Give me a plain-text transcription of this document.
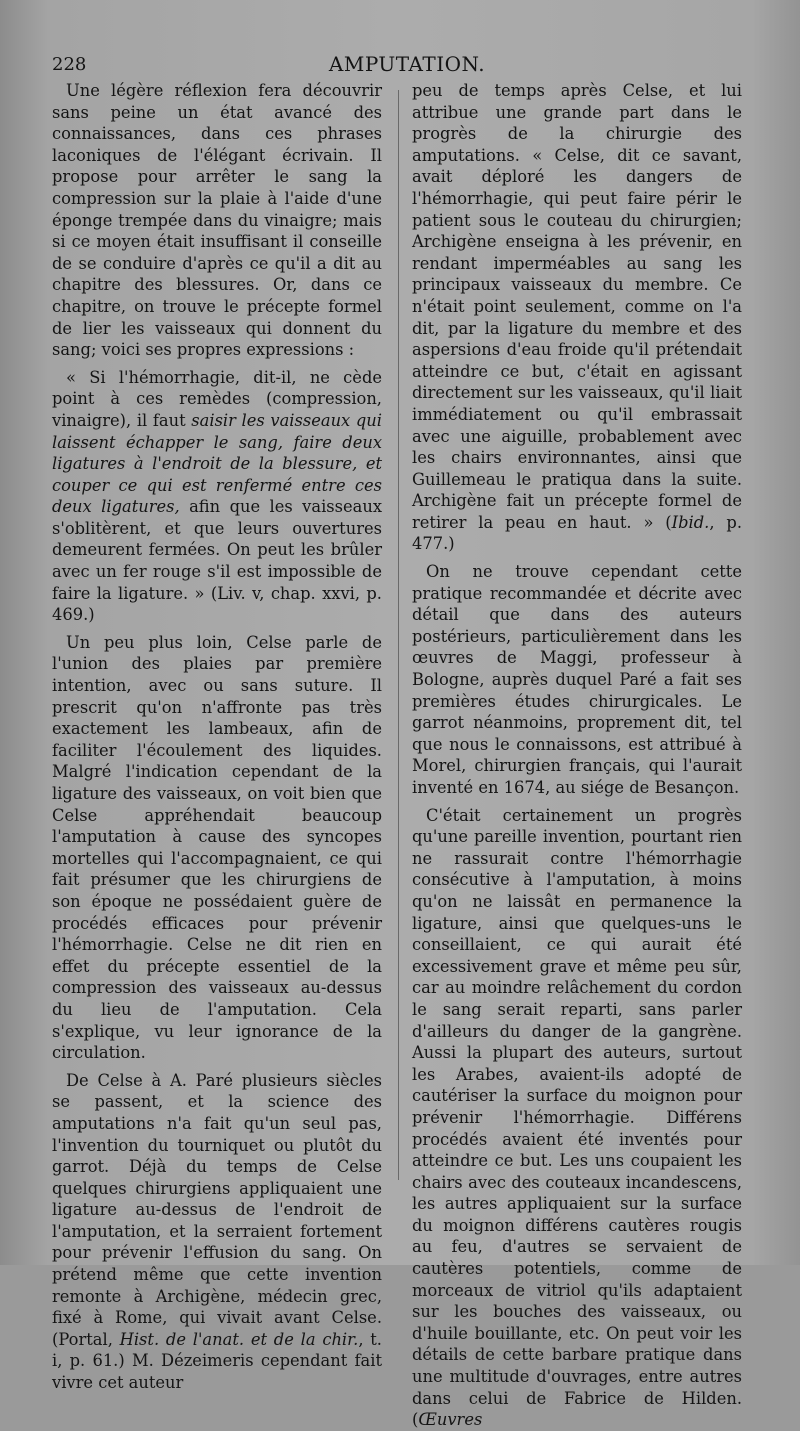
228	AMPUTATION.

Une légère réflexion fera découvrir sans peine un état avancé des connaissances, dans ces phrases laconiques de l'élégant écrivain. Il propose pour arrêter le sang la compression sur la plaie à l'aide d'une éponge trempée dans du vinaigre; mais si ce moyen était insuffisant il conseille de se conduire d'après ce qu'il a dit au chapitre des blessures. Or, dans ce chapitre, on trouve le précepte formel de lier les vaisseaux qui donnent du sang; voici ses propres expressions :

« Si l'hémorrhagie, dit-il, ne cède point à ces remèdes (compression, vinaigre), il faut saisir les vaisseaux qui laissent échapper le sang, faire deux ligatures à l'endroit de la blessure, et couper ce qui est renfermé entre ces deux ligatures, afin que les vaisseaux s'oblitèrent, et que leurs ouvertures demeurent fermées. On peut les brûler avec un fer rouge s'il est impossible de faire la ligature. » (Liv. v, chap. xxvi, p. 469.)

Un peu plus loin, Celse parle de l'union des plaies par première intention, avec ou sans suture. Il prescrit qu'on n'affronte pas très exactement les lambeaux, afin de faciliter l'écoulement des liquides. Malgré l'indication cependant de la ligature des vaisseaux, on voit bien que Celse appréhendait beaucoup l'amputation à cause des syncopes mortelles qui l'accompagnaient, ce qui fait présumer que les chirurgiens de son époque ne possédaient guère de procédés efficaces pour prévenir l'hémorrhagie. Celse ne dit rien en effet du précepte essentiel de la compression des vaisseaux au-dessus du lieu de l'amputation. Cela s'explique, vu leur ignorance de la circulation.

De Celse à A. Paré plusieurs siècles se passent, et la science des amputations n'a fait qu'un seul pas, l'invention du tourniquet ou plutôt du garrot. Déjà du temps de Celse quelques chirurgiens appliquaient une ligature au-dessus de l'endroit de l'amputation, et la serraient fortement pour prévenir l'effusion du sang. On prétend même que cette invention remonte à Archigène, médecin grec, fixé à Rome, qui vivait avant Celse. (Portal, Hist. de l'anat. et de la chir., t. i, p. 61.) M. Dézeimeris cependant fait vivre cet auteur

peu de temps après Celse, et lui attribue une grande part dans le progrès de la chirurgie des amputations. « Celse, dit ce savant, avait déploré les dangers de l'hémorrhagie, qui peut faire périr le patient sous le couteau du chirurgien; Archigène enseigna à les prévenir, en rendant imperméables au sang les principaux vaisseaux du membre. Ce n'était point seulement, comme on l'a dit, par la ligature du membre et des aspersions d'eau froide qu'il prétendait atteindre ce but, c'était en agissant directement sur les vaisseaux, qu'il liait immédiatement ou qu'il embrassait avec une aiguille, probablement avec les chairs environnantes, ainsi que Guillemeau le pratiqua dans la suite. Archigène fait un précepte formel de retirer la peau en haut. » (Ibid., p. 477.)

On ne trouve cependant cette pratique recommandée et décrite avec détail que dans des auteurs postérieurs, particulièrement dans les œuvres de Maggi, professeur à Bologne, auprès duquel Paré a fait ses premières études chirurgicales. Le garrot néanmoins, proprement dit, tel que nous le connaissons, est attribué à Morel, chirurgien français, qui l'aurait inventé en 1674, au siége de Besançon.

C'était certainement un progrès qu'une pareille invention, pourtant rien ne rassurait contre l'hémorrhagie consécutive à l'amputation, à moins qu'on ne laissât en permanence la ligature, ainsi que quelques-uns le conseillaient, ce qui aurait été excessivement grave et même peu sûr, car au moindre relâchement du cordon le sang serait reparti, sans parler d'ailleurs du danger de la gangrène. Aussi la plupart des auteurs, surtout les Arabes, avaient-ils adopté de cautériser la surface du moignon pour prévenir l'hémorrhagie. Différens procédés avaient été inventés pour atteindre ce but. Les uns coupaient les chairs avec des couteaux incandescens, les autres appliquaient sur la surface du moignon différens cautères rougis au feu, d'autres se servaient de cautères potentiels, comme de morceaux de vitriol qu'ils adaptaient sur les bouches des vaisseaux, ou d'huile bouillante, etc. On peut voir les détails de cette barbare pratique dans une multitude d'ouvrages, entre autres dans celui de Fabrice de Hilden. (Œuvres
